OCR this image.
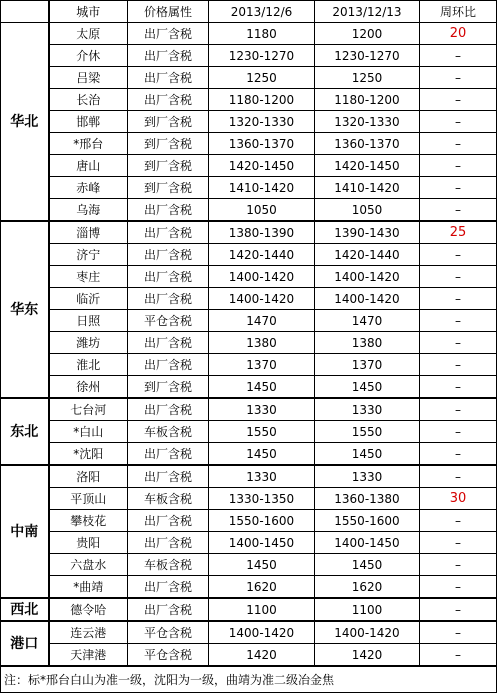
	城市	价格属性	2013/12/6	2013/12/13	周环比
华北	太原	出厂含税	1180	1200	20
	介休	出厂含税	1230-1270	1230-1270	–
	吕梁	出厂含税	1250	1250	–
	长治	出厂含税	1180-1200	1180-1200	–
	邯郸	到厂含税	1320-1330	1320-1330	–
	*邢台	到厂含税	1360-1370	1360-1370	–
	唐山	到厂含税	1420-1450	1420-1450	–
	赤峰	到厂含税	1410-1420	1410-1420	–
	乌海	出厂含税	1050	1050	–
华东	淄博	出厂含税	1380-1390	1390-1430	25
	济宁	出厂含税	1420-1440	1420-1440	–
	枣庄	出厂含税	1400-1420	1400-1420	–
	临沂	出厂含税	1400-1420	1400-1420	–
	日照	平仓含税	1470	1470	–
	潍坊	出厂含税	1380	1380	–
	淮北	出厂含税	1370	1370	–
	徐州	到厂含税	1450	1450	–
东北	七台河	出厂含税	1330	1330	–
	*白山	车板含税	1550	1550	–
	*沈阳	出厂含税	1450	1450	–
中南	洛阳	出厂含税	1330	1330	–
	平顶山	车板含税	1330-1350	1360-1380	30
	攀枝花	出厂含税	1550-1600	1550-1600	–
	贵阳	出厂含税	1400-1450	1400-1450	–
	六盘水	车板含税	1450	1450	–
	*曲靖	出厂含税	1620	1620	–
西北	德令哈	出厂含税	1100	1100	–
港口	连云港	平仓含税	1400-1420	1400-1420	–
	天津港	平仓含税	1420	1420	–
注：标*邢台白山为准一级，沈阳为一级，曲靖为准二级冶金焦					
